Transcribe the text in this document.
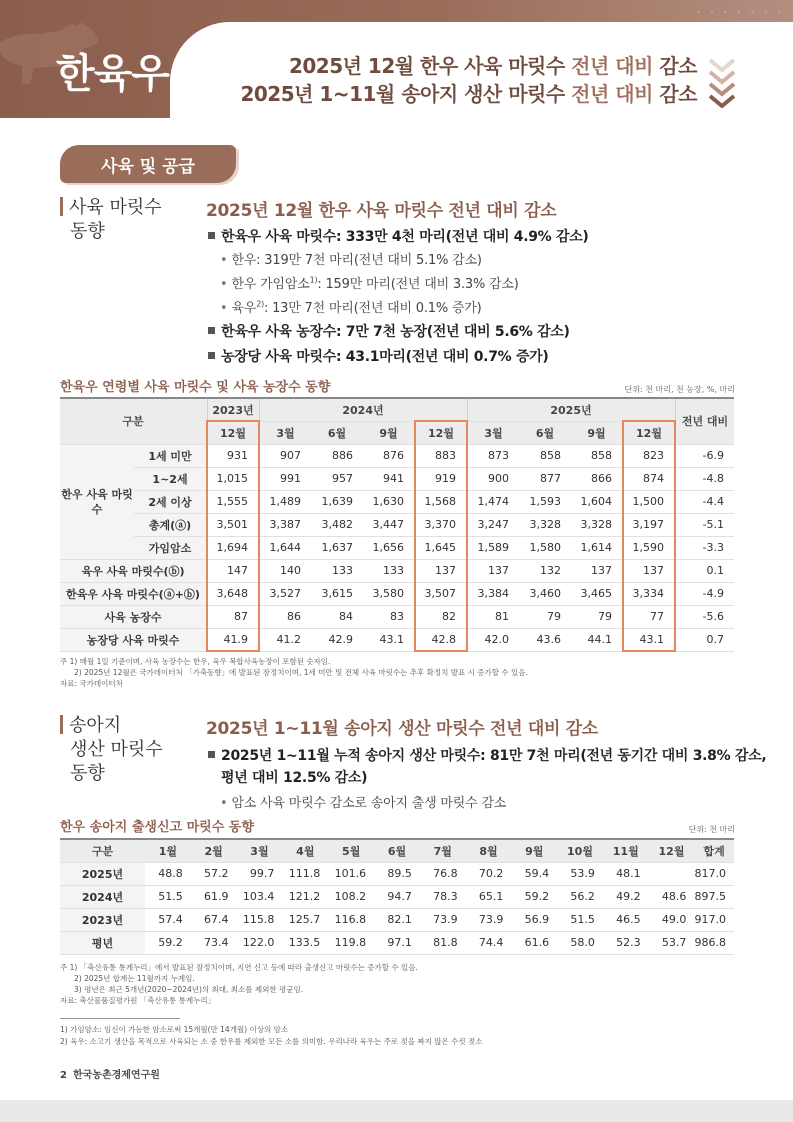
한육우
• • • • • • •
2025년 12월 한우 사육 마릿수 전년 대비 감소
2025년 1~11월 송아지 생산 마릿수 전년 대비 감소
사육 및 공급
사육 마릿수
동향
2025년 12월 한우 사육 마릿수 전년 대비 감소
한육우 사육 마릿수: 333만 4천 마리(전년 대비 4.9% 감소)
• 한우: 319만 7천 마리(전년 대비 5.1% 감소)
• 한우 가임암소$^{1)}$: 159만 마리(전년 대비 3.3% 감소)
• 육우$^{2)}$: 13만 7천 마리(전년 대비 0.1% 증가)
한육우 사육 농장수: 7만 7천 농장(전년 대비 5.6% 감소)
농장당 사육 마릿수: 43.1마리(전년 대비 0.7% 증가)
한육우 연령별 사육 마릿수 및 사육 농장수 동향	단위: 천 마리, 천 농장, %, 마리
구분		2023년	2024년				2025년				전년 대비
		12월	3월	6월	9월	12월	3월	6월	9월	12월	
한우 사육 마릿수	1세 미만	931	907	886	876	883	873	858	858	823	-6.9
	1~2세	1,015	991	957	941	919	900	877	866	874	-4.8
	2세 이상	1,555	1,489	1,639	1,630	1,568	1,474	1,593	1,604	1,500	-4.4
	총계(ⓐ)	3,501	3,387	3,482	3,447	3,370	3,247	3,328	3,328	3,197	-5.1
	가임암소	1,694	1,644	1,637	1,656	1,645	1,589	1,580	1,614	1,590	-3.3
육우 사육 마릿수(ⓑ)		147	140	133	133	137	137	132	137	137	0.1
한육우 사육 마릿수(ⓐ+ⓑ)		3,648	3,527	3,615	3,580	3,507	3,384	3,460	3,465	3,334	-4.9
사육 농장수		87	86	84	83	82	81	79	79	77	-5.6
농장당 사육 마릿수		41.9	41.2	42.9	43.1	42.8	42.0	43.6	44.1	43.1	0.7
주 1) 매월 1일 기준이며, 사육 농장수는 한우, 육우 복합사육농장이 포함된 숫자임.
2) 2025년 12월은 국가데이터처 「가축동향」에 발표된 잠정치이며, 1세 미만 및 전체 사육 마릿수는 추후 확정치 발표 시 증가할 수 있음.
자료: 국가데이터처
송아지
생산 마릿수
동향
2025년 1~11월 송아지 생산 마릿수 전년 대비 감소
2025년 1~11월 누적 송아지 생산 마릿수: 81만 7천 마리(전년 동기간 대비 3.8% 감소,
평년 대비 12.5% 감소)
• 암소 사육 마릿수 감소로 송아지 출생 마릿수 감소
한우 송아지 출생신고 마릿수 동향	단위: 천 마리
구분	1월	2월	3월	4월	5월	6월	7월	8월	9월	10월	11월	12월	합계
2025년	48.8	57.2	99.7	111.8	101.6	89.5	76.8	70.2	59.4	53.9	48.1		817.0
2024년	51.5	61.9	103.4	121.2	108.2	94.7	78.3	65.1	59.2	56.2	49.2	48.6	897.5
2023년	57.4	67.4	115.8	125.7	116.8	82.1	73.9	73.9	56.9	51.5	46.5	49.0	917.0
평년	59.2	73.4	122.0	133.5	119.8	97.1	81.8	74.4	61.6	58.0	52.3	53.7	986.8
주 1) 「축산유통 통계누리」에서 발표된 잠정치이며, 지연 신고 등에 따라 출생신고 마릿수는 증가할 수 있음.
2) 2025년 합계는 11월까지 누계임.
3) 평년은 최근 5개년(2020~2024년)의 최대, 최소를 제외한 평균임.
자료: 축산물품질평가원 「축산유통 통계누리」
1) 가임암소: 임신이 가능한 암소로써 15개월(만 14개월) 이상의 암소
2) 육우: 소고기 생산을 목적으로 사육되는 소 중 한우를 제외한 모든 소를 의미함. 우리나라 육우는 주로 젖을 짜지 않은 수컷 젖소
2 한국농촌경제연구원
